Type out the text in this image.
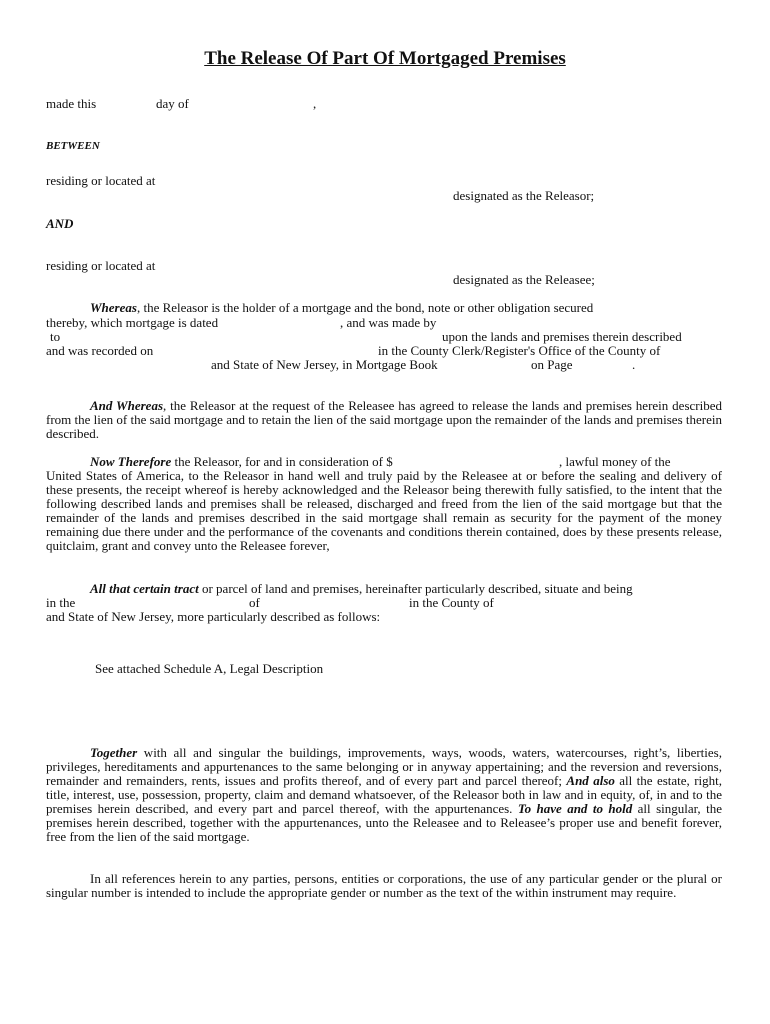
The Release Of Part Of Mortgaged Premises
made this	day of	,
BETWEEN
residing or located at
designated as the Releasor;
AND
residing or located at
designated as the Releasee;
Whereas, the Releasor is the holder of a mortgage and the bond, note or other obligation secured
thereby, which mortgage is dated	, and was made by
to	upon the lands and premises therein described
and was recorded on	in the County Clerk/Register's Office of the County of
and State of New Jersey, in Mortgage Book	on Page	.
And Whereas, the Releasor at the request of the Releasee has agreed to release the lands and premises herein described from the lien of the said mortgage and to retain the lien of the said mortgage upon the remainder of the lands and premises therein described.
Now Therefore the Releasor, for and in consideration of $	, lawful money of the
United States of America, to the Releasor in hand well and truly paid by the Releasee at or before the sealing and delivery of these presents, the receipt whereof is hereby acknowledged and the Releasor being therewith fully satisfied, to the intent that the following described lands and premises shall be released, discharged and freed from the lien of the said mortgage but that the remainder of the lands and premises described in the said mortgage shall remain as security for the payment of the money remaining due there under and the performance of the covenants and conditions therein contained, does by these presents release, quitclaim, grant and convey unto the Releasee forever,
All that certain tract or parcel of land and premises, hereinafter particularly described, situate and being
in the	of	in the County of
and State of New Jersey, more particularly described as follows:
See attached Schedule A, Legal Description
Together with all and singular the buildings, improvements, ways, woods, waters, watercourses, right’s, liberties, privileges, hereditaments and appurtenances to the same belonging or in anyway appertaining; and the reversion and reversions, remainder and remainders, rents, issues and profits thereof, and of every part and parcel thereof; And also all the estate, right, title, interest, use, possession, property, claim and demand whatsoever, of the Releasor both in law and in equity, of, in and to the premises herein described, and every part and parcel thereof, with the appurtenances. To have and to hold all singular, the premises herein described, together with the appurtenances, unto the Releasee and to Releasee’s proper use and benefit forever, free from the lien of the said mortgage.
In all references herein to any parties, persons, entities or corporations, the use of any particular gender or the plural or singular number is intended to include the appropriate gender or number as the text of the within instrument may require.
